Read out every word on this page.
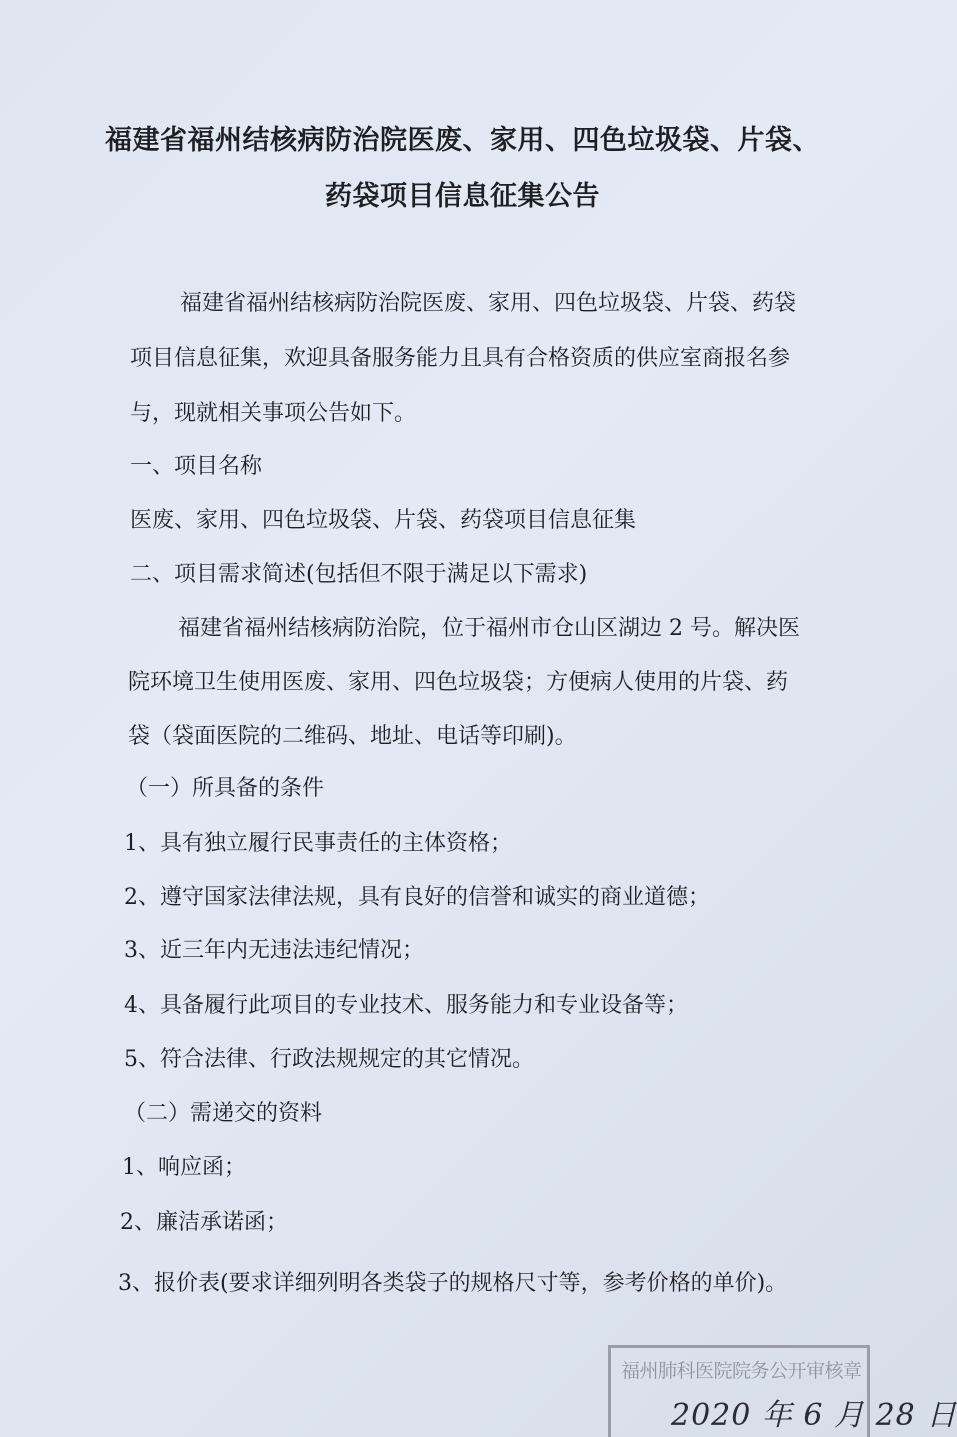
福建省福州结核病防治院医废、家用、四色垃圾袋、片袋、
药袋项目信息征集公告
福建省福州结核病防治院医废、家用、四色垃圾袋、片袋、药袋
项目信息征集，欢迎具备服务能力且具有合格资质的供应室商报名参
与，现就相关事项公告如下。
一、项目名称
医废、家用、四色垃圾袋、片袋、药袋项目信息征集
二、项目需求简述(包括但不限于满足以下需求)
福建省福州结核病防治院，位于福州市仓山区湖边 2 号。解决医
院环境卫生使用医废、家用、四色垃圾袋；方便病人使用的片袋、药
袋（袋面医院的二维码、地址、电话等印刷)。
（一）所具备的条件
1、具有独立履行民事责任的主体资格；
2、遵守国家法律法规，具有良好的信誉和诚实的商业道德；
3、近三年内无违法违纪情况；
4、具备履行此项目的专业技术、服务能力和专业设备等；
5、符合法律、行政法规规定的其它情况。
（二）需递交的资料
1、响应函；
2、廉洁承诺函；
3、报价表(要求详细列明各类袋子的规格尺寸等，参考价格的单价)。
福州肺科医院院务公开审核章
2020 年 6 月 28 日
